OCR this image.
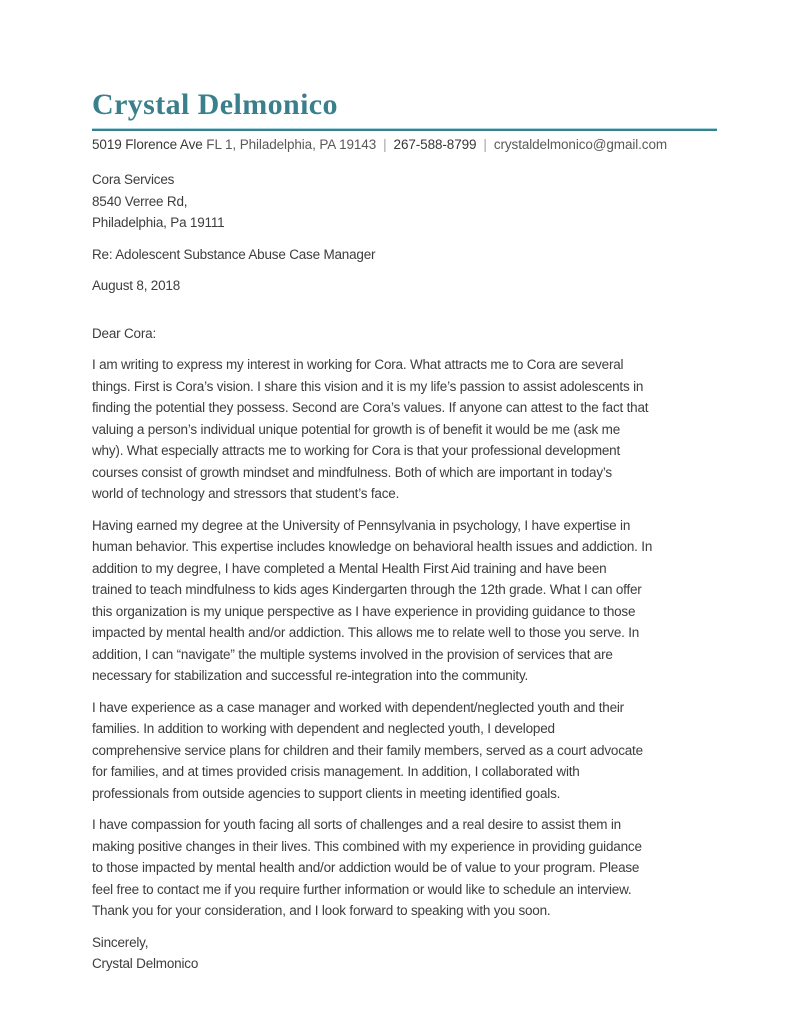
Crystal Delmonico
5019 Florence Ave FL 1, Philadelphia, PA 19143 | 267-588-8799 | crystaldelmonico@gmail.com
Cora Services
8540 Verree Rd,
Philadelphia, Pa 19111
Re: Adolescent Substance Abuse Case Manager
August 8, 2018
Dear Cora:
I am writing to express my interest in working for Cora. What attracts me to Cora are several
things. First is Cora’s vision. I share this vision and it is my life’s passion to assist adolescents in
finding the potential they possess. Second are Cora’s values. If anyone can attest to the fact that
valuing a person’s individual unique potential for growth is of benefit it would be me (ask me
why). What especially attracts me to working for Cora is that your professional development
courses consist of growth mindset and mindfulness. Both of which are important in today’s
world of technology and stressors that student’s face.
Having earned my degree at the University of Pennsylvania in psychology, I have expertise in
human behavior. This expertise includes knowledge on behavioral health issues and addiction. In
addition to my degree, I have completed a Mental Health First Aid training and have been
trained to teach mindfulness to kids ages Kindergarten through the 12th grade. What I can offer
this organization is my unique perspective as I have experience in providing guidance to those
impacted by mental health and/or addiction. This allows me to relate well to those you serve. In
addition, I can “navigate” the multiple systems involved in the provision of services that are
necessary for stabilization and successful re-integration into the community.
I have experience as a case manager and worked with dependent/neglected youth and their
families. In addition to working with dependent and neglected youth, I developed
comprehensive service plans for children and their family members, served as a court advocate
for families, and at times provided crisis management. In addition, I collaborated with
professionals from outside agencies to support clients in meeting identified goals.
I have compassion for youth facing all sorts of challenges and a real desire to assist them in
making positive changes in their lives. This combined with my experience in providing guidance
to those impacted by mental health and/or addiction would be of value to your program. Please
feel free to contact me if you require further information or would like to schedule an interview.
Thank you for your consideration, and I look forward to speaking with you soon.
Sincerely,
Crystal Delmonico
